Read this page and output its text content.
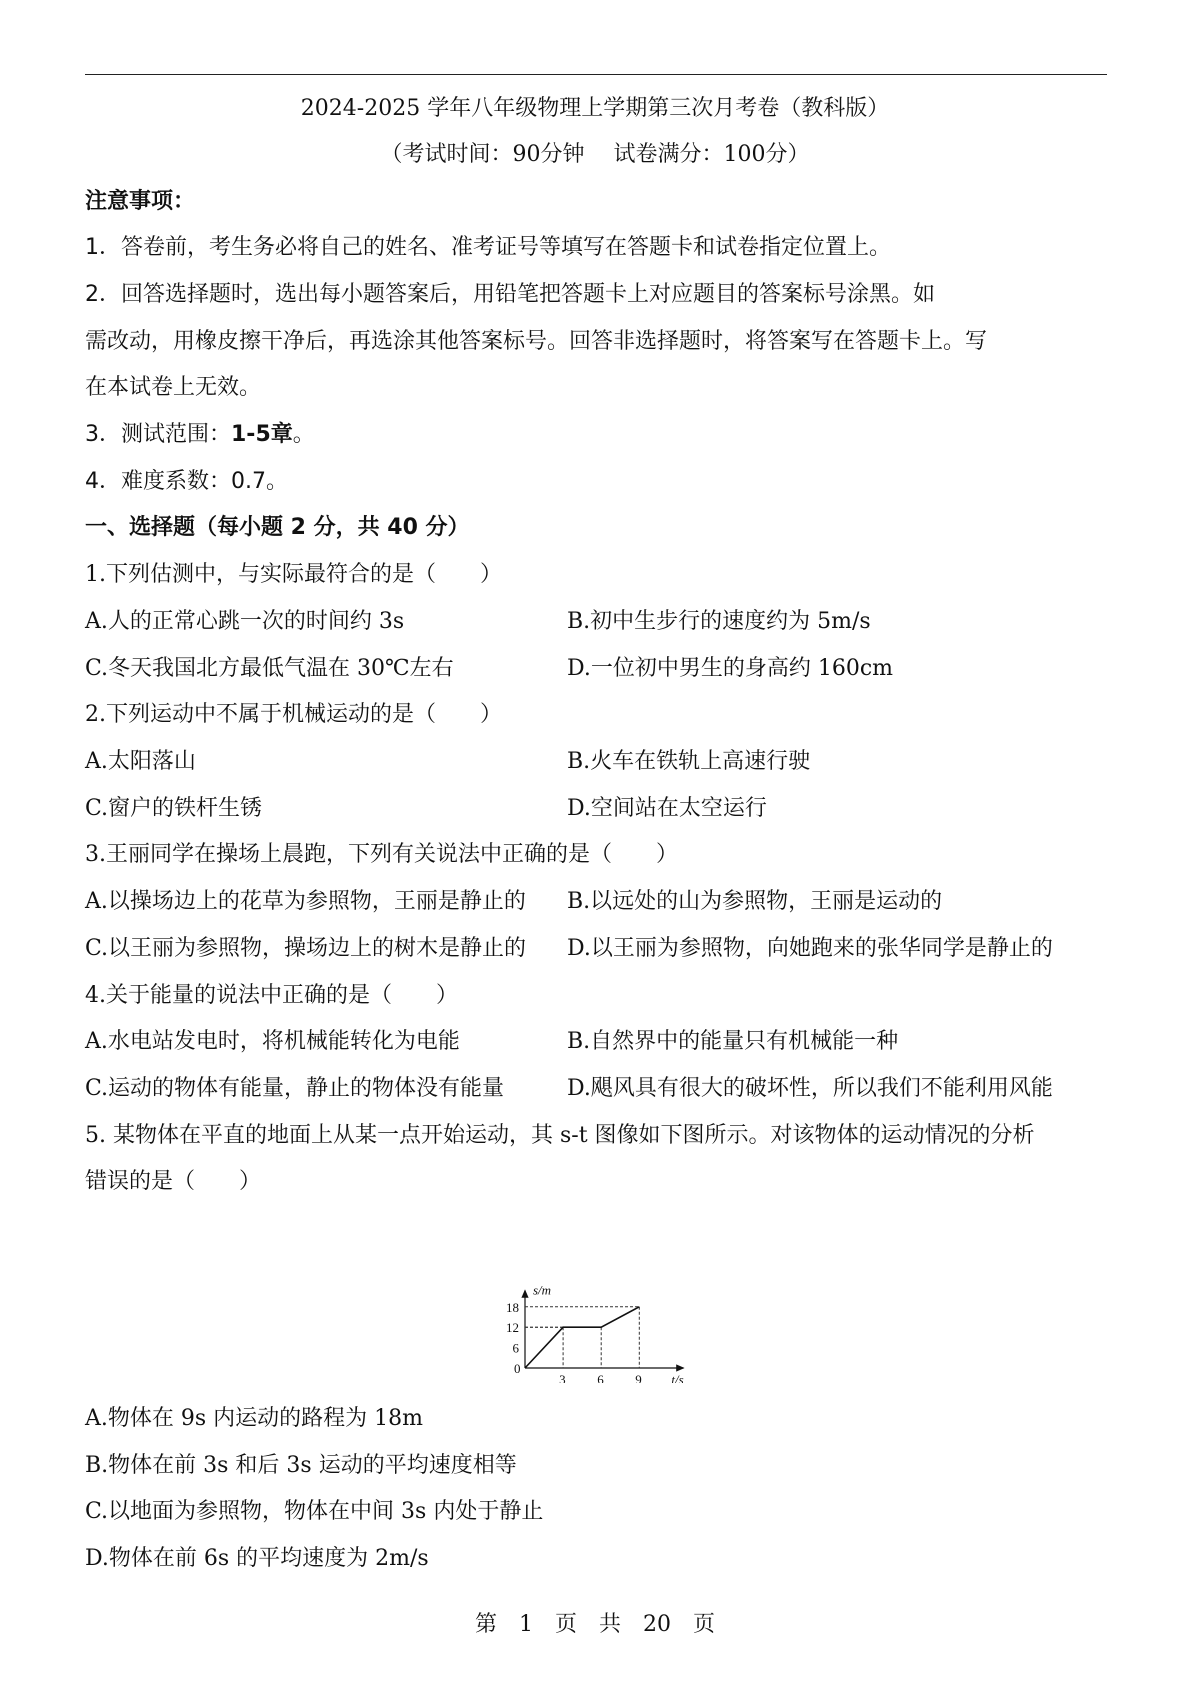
2024-2025 学年八年级物理上学期第三次月考卷（教科版）
（考试时间：90分钟　 试卷满分：100分）
注意事项：
1．答卷前，考生务必将自己的姓名、准考证号等填写在答题卡和试卷指定位置上。
2．回答选择题时，选出每小题答案后，用铅笔把答题卡上对应题目的答案标号涂黑。如
需改动，用橡皮擦干净后，再选涂其他答案标号。回答非选择题时，将答案写在答题卡上。写
在本试卷上无效。
3．测试范围：1-5章。
4．难度系数：0.7。
一、选择题（每小题 2 分，共 40 分）
1.下列估测中，与实际最符合的是（　　）
A.人的正常心跳一次的时间约 3s	B.初中生步行的速度约为 5m/s
C.冬天我国北方最低气温在 30℃左右	D.一位初中男生的身高约 160cm
2.下列运动中不属于机械运动的是（　　）
A.太阳落山	B.火车在铁轨上高速行驶
C.窗户的铁杆生锈	D.空间站在太空运行
3.王丽同学在操场上晨跑，下列有关说法中正确的是（　　）
A.以操场边上的花草为参照物，王丽是静止的 B.以远处的山为参照物，王丽是运动的
C.以王丽为参照物，操场边上的树木是静止的 D.以王丽为参照物，向她跑来的张华同学是静止的
4.关于能量的说法中正确的是（　　）
A.水电站发电时，将机械能转化为电能	B.自然界中的能量只有机械能一种
C.运动的物体有能量，静止的物体没有能量	D.飓风具有很大的破坏性，所以我们不能利用风能
5. 某物体在平直的地面上从某一点开始运动，其 s-t 图像如下图所示。对该物体的运动情况的分析
错误的是（　　）
0
3 6 9
6
12
18
s/m
t/s
A.物体在 9s 内运动的路程为 18m
B.物体在前 3s 和后 3s 运动的平均速度相等
C.以地面为参照物，物体在中间 3s 内处于静止
D.物体在前 6s 的平均速度为 2m/s
第　1　页　共　20　页
